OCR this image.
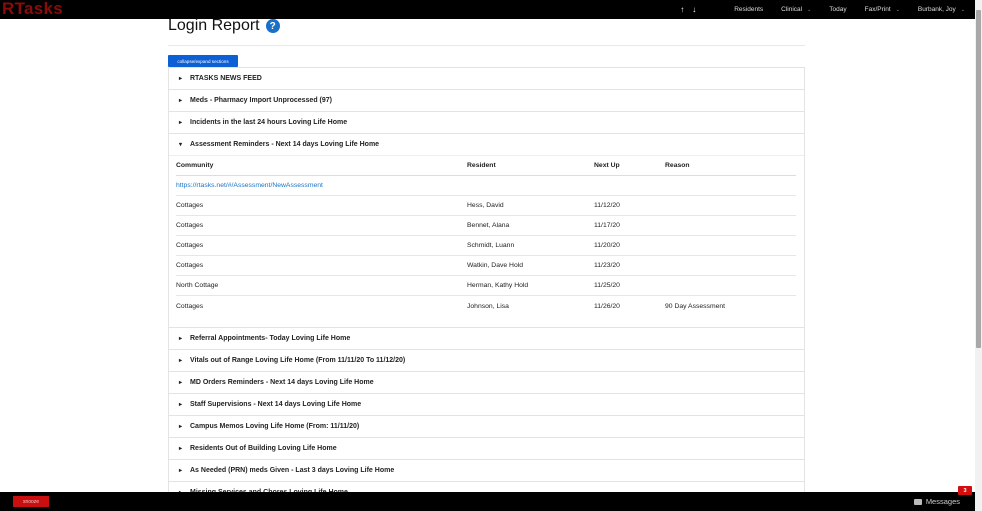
RTasks	↑ ↓	Residents	Clinical ⌄	Today	Fax/Print ⌄	Burbank, Joy ⌄
Login Report ?
collapse/expand sections
▸	RTASKS NEWS FEED
▸	Meds - Pharmacy Import Unprocessed (97)
▸	Incidents in the last 24 hours Loving Life Home
▾	Assessment Reminders - Next 14 days Loving Life Home
Community	Resident	Next Up	Reason
https://rtasks.net/#/Assessment/NewAssessment
Cottages	Hess, David	11/12/20
Cottages	Bennet, Alana	11/17/20
Cottages	Schmidt, Luann	11/20/20
Cottages	Watkin, Dave Hold	11/23/20
North Cottage	Herman, Kathy Hold	11/25/20
Cottages	Johnson, Lisa	11/26/20	90 Day Assessment
▸	Referral Appointments- Today Loving Life Home
▸	Vitals out of Range Loving Life Home (From 11/11/20 To 11/12/20)
▸	MD Orders Reminders - Next 14 days Loving Life Home
▸	Staff Supervisions - Next 14 days Loving Life Home
▸	Campus Memos Loving Life Home (From: 11/11/20)
▸	Residents Out of Building Loving Life Home
▸	As Needed (PRN) meds Given - Last 3 days Loving Life Home
snooze	Messages
3
